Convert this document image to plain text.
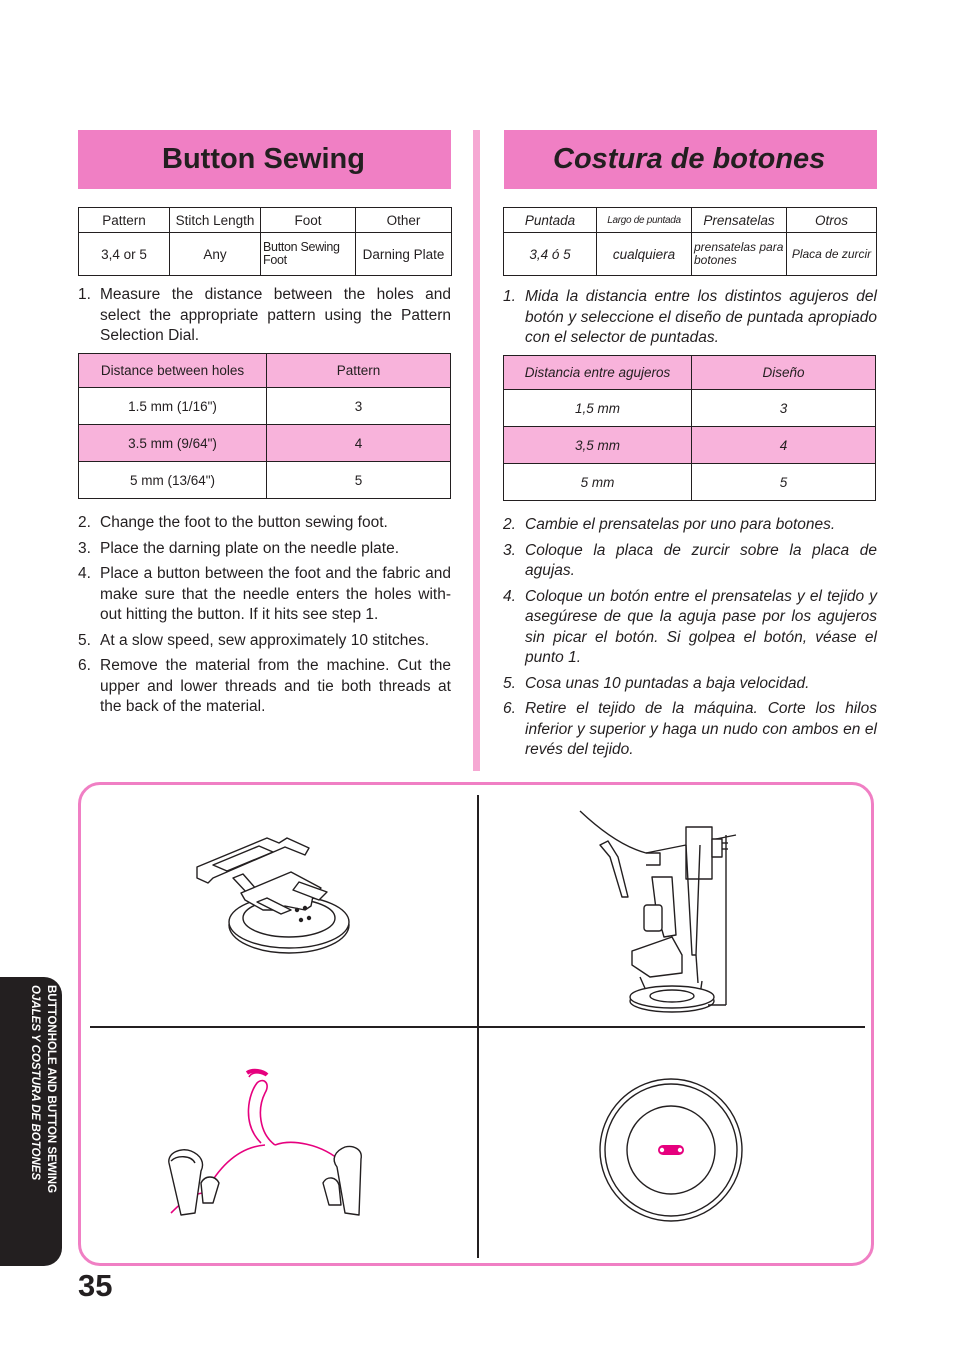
Button Sewing
Pattern	Stitch Length	Foot	Other
3,4 or 5	Any	Button Sewing Foot	Darning Plate
1. Measure the distance between the holes and select the appropriate pattern using the Pattern Selection Dial.
Distance between holes	Pattern
1.5 mm (1/16")	3
3.5 mm (9/64")	4
5 mm (13/64")	5
2. Change the foot to the button sewing foot.
3. Place the darning plate on the needle plate.
4. Place a button between the foot and the fabric and make sure that the needle enters the holes with-out hitting the button. If it hits see step 1.
5. At a slow speed, sew approximately 10 stitches.
6. Remove the material from the machine. Cut the upper and lower threads and tie both threads at the back of the material.
Costura de botones
Puntada	Largo de puntada	Prensatelas	Otros
3,4 ó 5	cualquiera	prensatelas para botones	Placa de zurcir
1. Mida la distancia entre los distintos agujeros del botón y seleccione el diseño de puntada apropiado con el selector de puntadas.
Distancia entre agujeros	Diseño
1,5 mm	3
3,5 mm	4
5 mm	5
2. Cambie el prensatelas por uno para botones.
3. Coloque la placa de zurcir sobre la placa de agujas.
4. Coloque un botón entre el prensatelas y el tejido y asegúrese de que la aguja pase por los agujeros sin picar el botón. Si golpea el botón, véase el punto 1.
5. Cosa unas 10 puntadas a baja velocidad.
6. Retire el tejido de la máquina. Corte los hilos inferior y superior y haga un nudo con ambos en el revés del tejido.
BUTTONHOLE AND BUTTON SEWING
OJALES Y COSTURA DE BOTONES
35
